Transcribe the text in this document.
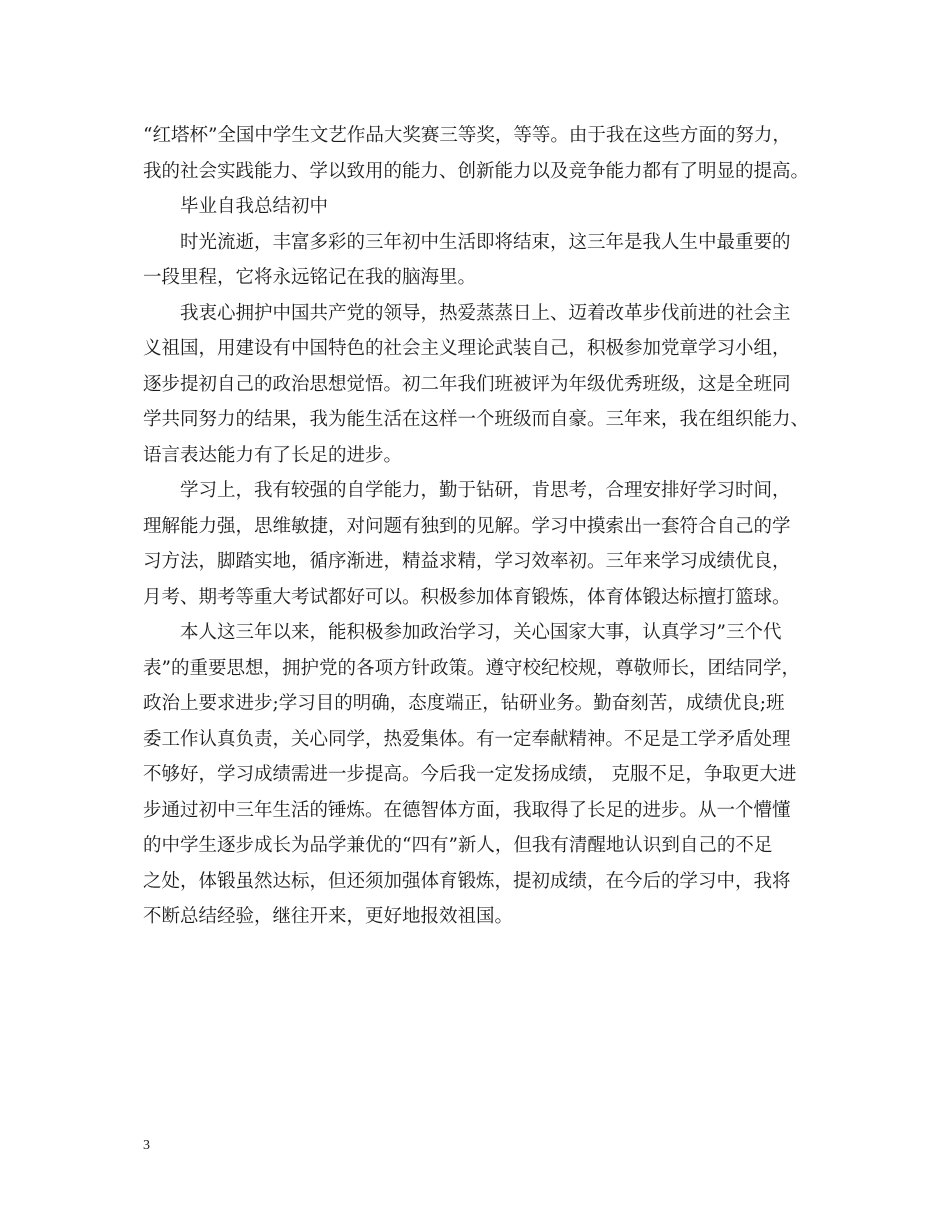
“红塔杯”全国中学生文艺作品大奖赛三等奖，等等。由于我在这些方面的努力，
我的社会实践能力、学以致用的能力、创新能力以及竞争能力都有了明显的提高。
毕业自我总结初中
时光流逝，丰富多彩的三年初中生活即将结束，这三年是我人生中最重要的
一段里程，它将永远铭记在我的脑海里。
我衷心拥护中国共产党的领导，热爱蒸蒸日上、迈着改革步伐前进的社会主
义祖国，用建设有中国特色的社会主义理论武装自己，积极参加党章学习小组，
逐步提初自己的政治思想觉悟。初二年我们班被评为年级优秀班级，这是全班同
学共同努力的结果，我为能生活在这样一个班级而自豪。三年来，我在组织能力、
语言表达能力有了长足的进步。
学习上，我有较强的自学能力，勤于钻研，肯思考，合理安排好学习时间，
理解能力强，思维敏捷，对问题有独到的见解。学习中摸索出一套符合自己的学
习方法，脚踏实地，循序渐进，精益求精，学习效率初。三年来学习成绩优良，
月考、期考等重大考试都好可以。积极参加体育锻炼，体育体锻达标擅打篮球。
本人这三年以来，能积极参加政治学习，关心国家大事，认真学习”三个代
表”的重要思想，拥护党的各项方针政策。遵守校纪校规，尊敬师长，团结同学，
政治上要求进步;学习目的明确，态度端正，钻研业务。勤奋刻苦，成绩优良;班
委工作认真负责，关心同学，热爱集体。有一定奉献精神。不足是工学矛盾处理
不够好，学习成绩需进一步提高。今后我一定发扬成绩， 克服不足，争取更大进
步通过初中三年生活的锤炼。在德智体方面，我取得了长足的进步。从一个懵懂
的中学生逐步成长为品学兼优的“四有”新人，但我有清醒地认识到自己的不足
之处，体锻虽然达标，但还须加强体育锻炼，提初成绩，在今后的学习中，我将
不断总结经验，继往开来，更好地报效祖国。
3
